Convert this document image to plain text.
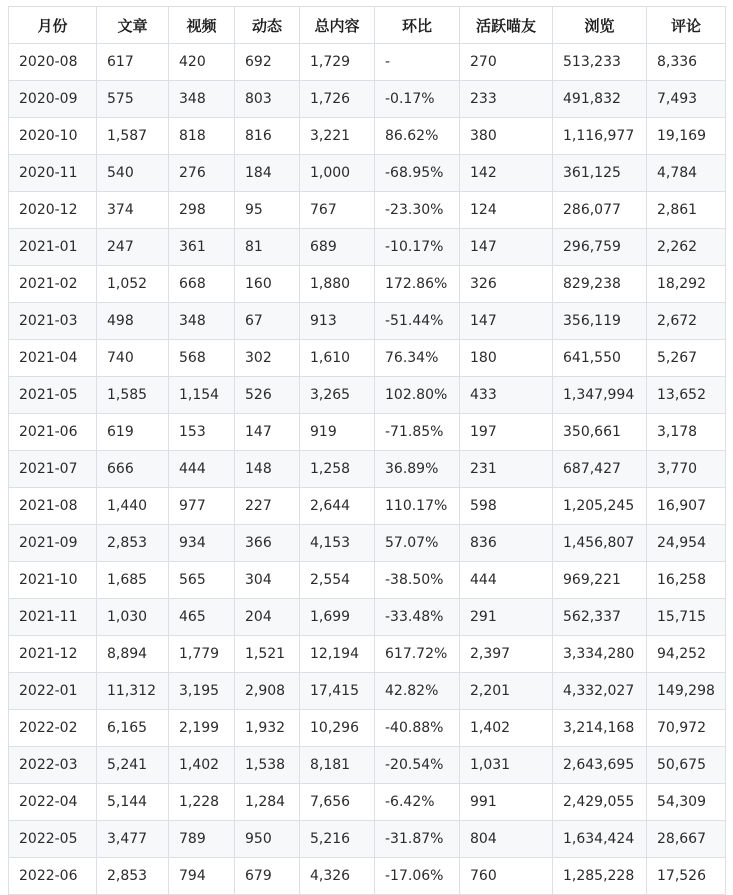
月份	文章	视频	动态	总内容	环比	活跃喵友	浏览	评论
2020-08	617	420	692	1,729	-	270	513,233	8,336
2020-09	575	348	803	1,726	-0.17%	233	491,832	7,493
2020-10	1,587	818	816	3,221	86.62%	380	1,116,977	19,169
2020-11	540	276	184	1,000	-68.95%	142	361,125	4,784
2020-12	374	298	95	767	-23.30%	124	286,077	2,861
2021-01	247	361	81	689	-10.17%	147	296,759	2,262
2021-02	1,052	668	160	1,880	172.86%	326	829,238	18,292
2021-03	498	348	67	913	-51.44%	147	356,119	2,672
2021-04	740	568	302	1,610	76.34%	180	641,550	5,267
2021-05	1,585	1,154	526	3,265	102.80%	433	1,347,994	13,652
2021-06	619	153	147	919	-71.85%	197	350,661	3,178
2021-07	666	444	148	1,258	36.89%	231	687,427	3,770
2021-08	1,440	977	227	2,644	110.17%	598	1,205,245	16,907
2021-09	2,853	934	366	4,153	57.07%	836	1,456,807	24,954
2021-10	1,685	565	304	2,554	-38.50%	444	969,221	16,258
2021-11	1,030	465	204	1,699	-33.48%	291	562,337	15,715
2021-12	8,894	1,779	1,521	12,194	617.72%	2,397	3,334,280	94,252
2022-01	11,312	3,195	2,908	17,415	42.82%	2,201	4,332,027	149,298
2022-02	6,165	2,199	1,932	10,296	-40.88%	1,402	3,214,168	70,972
2022-03	5,241	1,402	1,538	8,181	-20.54%	1,031	2,643,695	50,675
2022-04	5,144	1,228	1,284	7,656	-6.42%	991	2,429,055	54,309
2022-05	3,477	789	950	5,216	-31.87%	804	1,634,424	28,667
2022-06	2,853	794	679	4,326	-17.06%	760	1,285,228	17,526
